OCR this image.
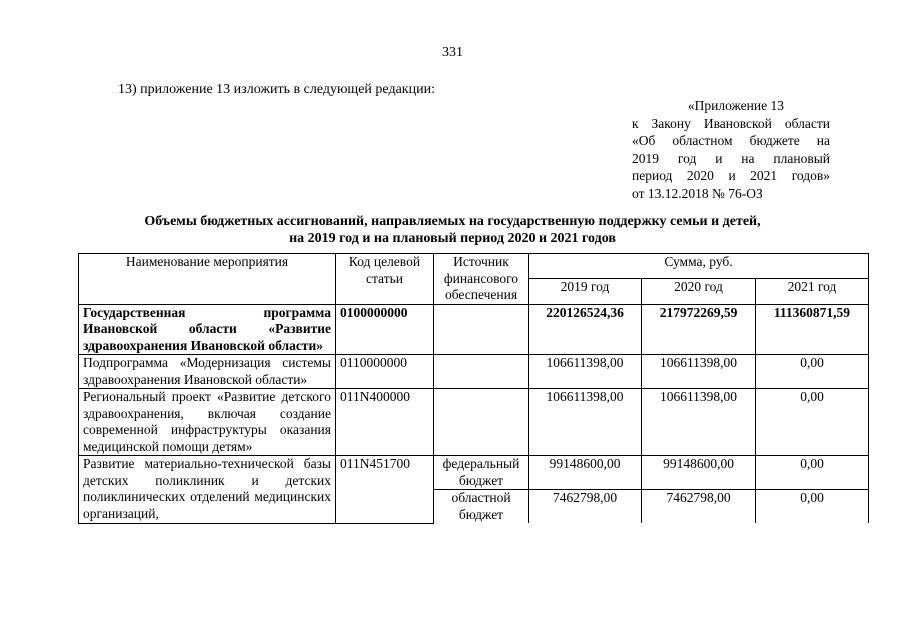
331
13) приложение 13 изложить в следующей редакции:
«Приложение 13
к Закону Ивановской области
«Об областном бюджете на
2019 год и на плановый
период 2020 и 2021 годов»
от 13.12.2018 № 76-ОЗ
Объемы бюджетных ассигнований, направляемых на государственную поддержку семьи и детей,
на 2019 год и на плановый период 2020 и 2021 годов
Наименование мероприятия	Код целевой статьи	Источник финансового обеспечения	Сумма, руб.		
			2019 год	2020 год	2021 год
Государственная программа Ивановской области «Развитие здравоохранения Ивановской области»	0100000000		220126524,36	217972269,59	111360871,59
Подпрограмма «Модернизация системы здравоохранения Ивановской области»	0110000000		106611398,00	106611398,00	0,00
Региональный проект «Развитие детского здравоохранения, включая создание современной инфраструктуры оказания медицинской помощи детям»	011N400000		106611398,00	106611398,00	0,00
Развитие материально-технической базы детских поликлиник и детских поликлинических отделений медицинских организаций,	011N451700	федеральный бюджет	99148600,00	99148600,00	0,00
		областной бюджет	7462798,00	7462798,00	0,00
